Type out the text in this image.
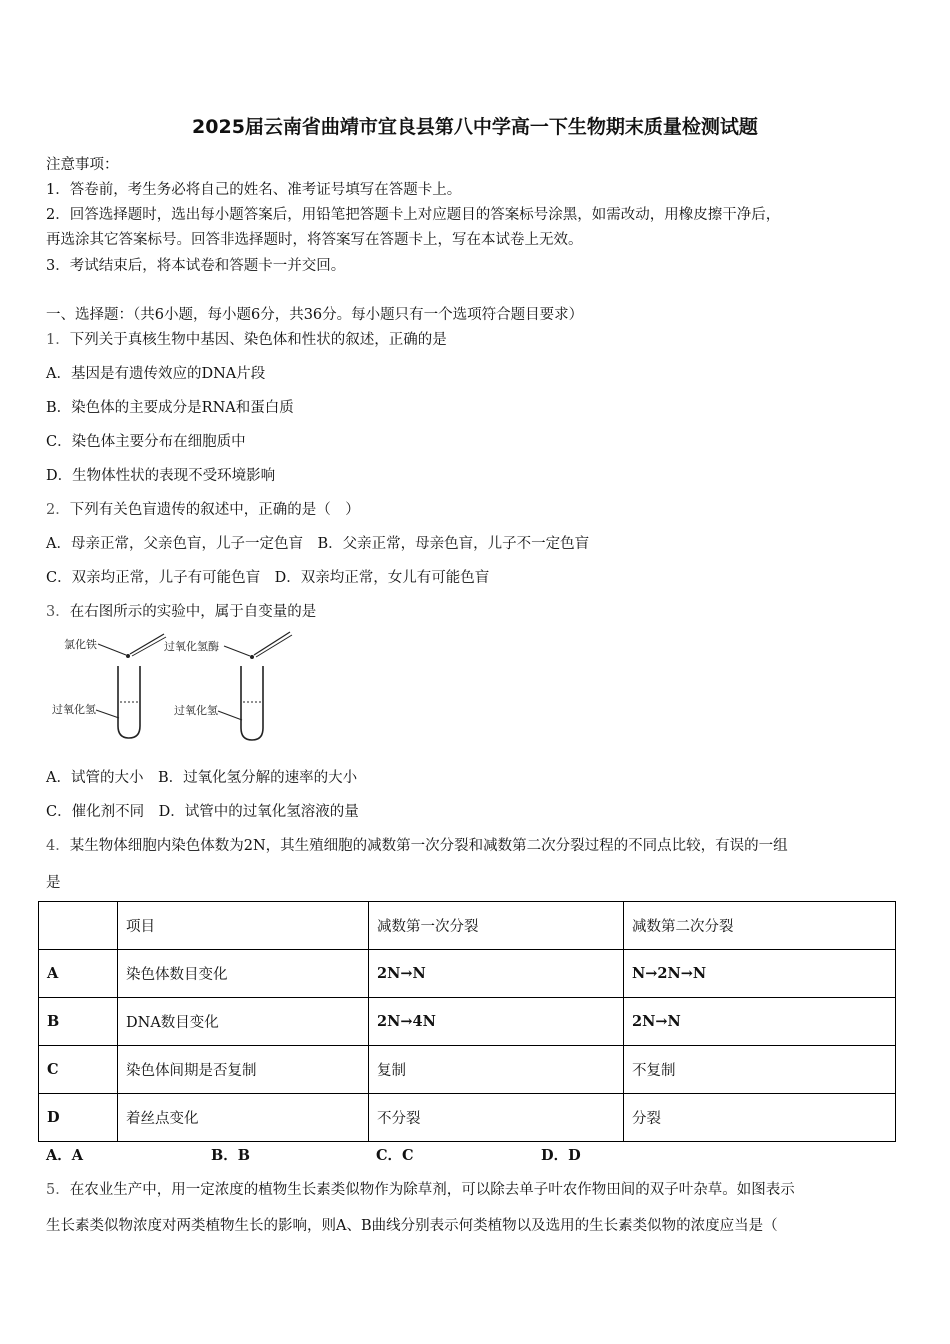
2025届云南省曲靖市宜良县第八中学高一下生物期末质量检测试题
注意事项：
1．答卷前，考生务必将自己的姓名、准考证号填写在答题卡上。
2．回答选择题时，选出每小题答案后，用铅笔把答题卡上对应题目的答案标号涂黑，如需改动，用橡皮擦干净后，
再选涂其它答案标号。回答非选择题时，将答案写在答题卡上，写在本试卷上无效。
3．考试结束后，将本试卷和答题卡一并交回。
一、选择题：（共6小题，每小题6分，共36分。每小题只有一个选项符合题目要求）
1．下列关于真核生物中基因、染色体和性状的叙述，正确的是
A．基因是有遗传效应的DNA片段
B．染色体的主要成分是RNA和蛋白质
C．染色体主要分布在细胞质中
D．生物体性状的表现不受环境影响
2．下列有关色盲遗传的叙述中，正确的是（　）
A．母亲正常，父亲色盲，儿子一定色盲　B．父亲正常，母亲色盲，儿子不一定色盲
C．双亲均正常，儿子有可能色盲　D．双亲均正常，女儿有可能色盲
3．在右图所示的实验中，属于自变量的是
氯化铁
过氧化氢
过氧化氢酶
过氧化氢
A．试管的大小　B．过氧化氢分解的速率的大小
C．催化剂不同　D．试管中的过氧化氢溶液的量
4．某生物体细胞内染色体数为2N，其生殖细胞的减数第一次分裂和减数第二次分裂过程的不同点比较，有误的一组
是
	项目	减数第一次分裂	减数第二次分裂
A	染色体数目变化	2N→N	N→2N→N
B	DNA数目变化	2N→4N	2N→N
C	染色体间期是否复制	复制	不复制
D	着丝点变化	不分裂	分裂
A．A	B．B	C．C	D．D
5．在农业生产中，用一定浓度的植物生长素类似物作为除草剂，可以除去单子叶农作物田间的双子叶杂草。如图表示
生长素类似物浓度对两类植物生长的影响，则A、B曲线分别表示何类植物以及选用的生长素类似物的浓度应当是（
